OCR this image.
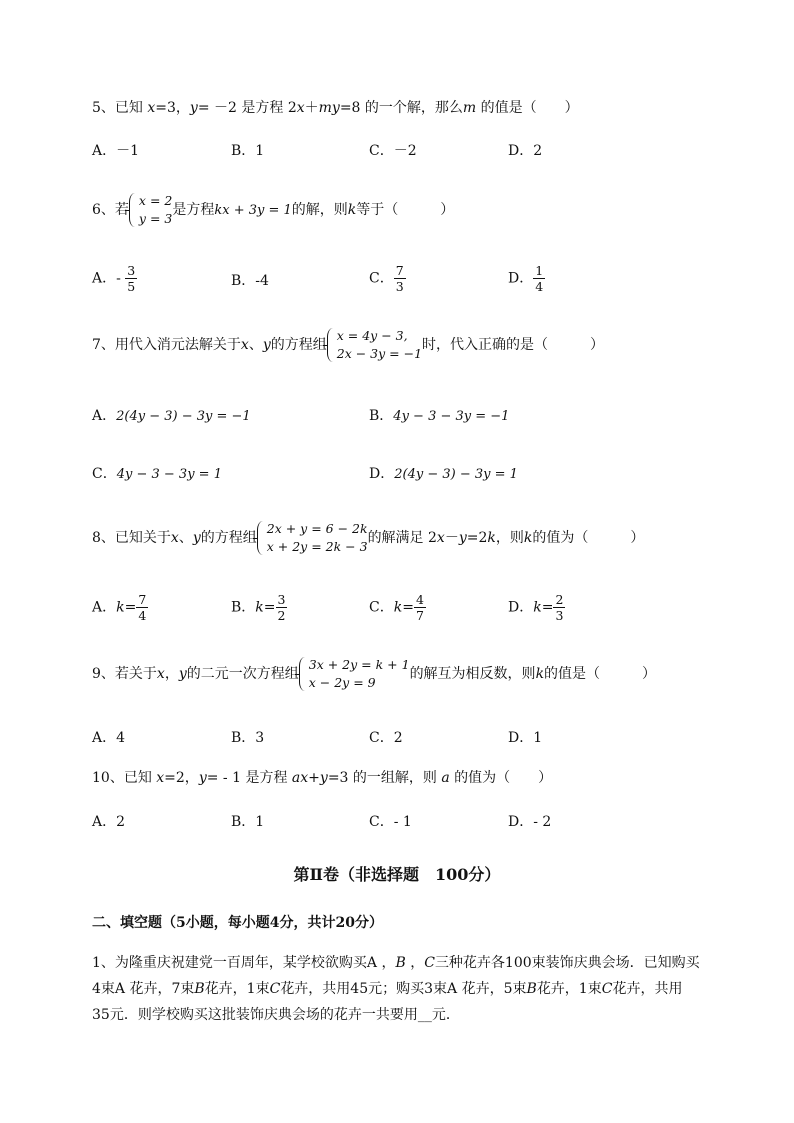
5、已知 x=3，y= －2 是方程 2x＋my=8 的一个解，那么m 的值是（　　）
A．－1	B．1	C．－2	D．2
6、若
x = 2
y = 3
是方程kx + 3y = 1的解，则k等于（　　　）
A．- $\frac{3}{5}$	B．-4	C． $\frac{7}{3}$	D． $\frac{1}{4}$
7、用代入消元法解关于x、y的方程组
x = 4y − 3,
2x − 3y = −1
时，代入正确的是（　　　）
A．2(4y − 3) − 3y = −1	B．4y − 3 − 3y = −1
C．4y − 3 − 3y = 1	D．2(4y − 3) − 3y = 1
8、已知关于x、y的方程组
2x + y = 6 − 2k
x + 2y = 2k − 3
的解满足 2x－y=2k，则k的值为（　　　）
A．$k= \frac{7}{4}$	B．$k= \frac{3}{2}$	C．$k= \frac{4}{7}$	D．$k= \frac{2}{3}$
9、若关于x，y的二元一次方程组
3x + 2y = k + 1
x − 2y = 9
的解互为相反数，则k的值是（　　　）
A．4	B．3	C．2	D．1
10、已知 x=2，y= - 1 是方程 ax+y=3 的一组解，则 a 的值为（　　）
A．2	B．1	C．- 1	D．- 2
第Ⅱ卷（非选择题　100分）
二、填空题（5小题，每小题4分，共计20分）
1、为隆重庆祝建党一百周年，某学校欲购买A ，B ，C三种花卉各100束装饰庆典会场．已知购买
4束A 花卉，7束B花卉，1束C花卉，共用45元；购买3束A 花卉，5束B花卉，1束C花卉，共用
35元．则学校购买这批装饰庆典会场的花卉一共要用__元．
